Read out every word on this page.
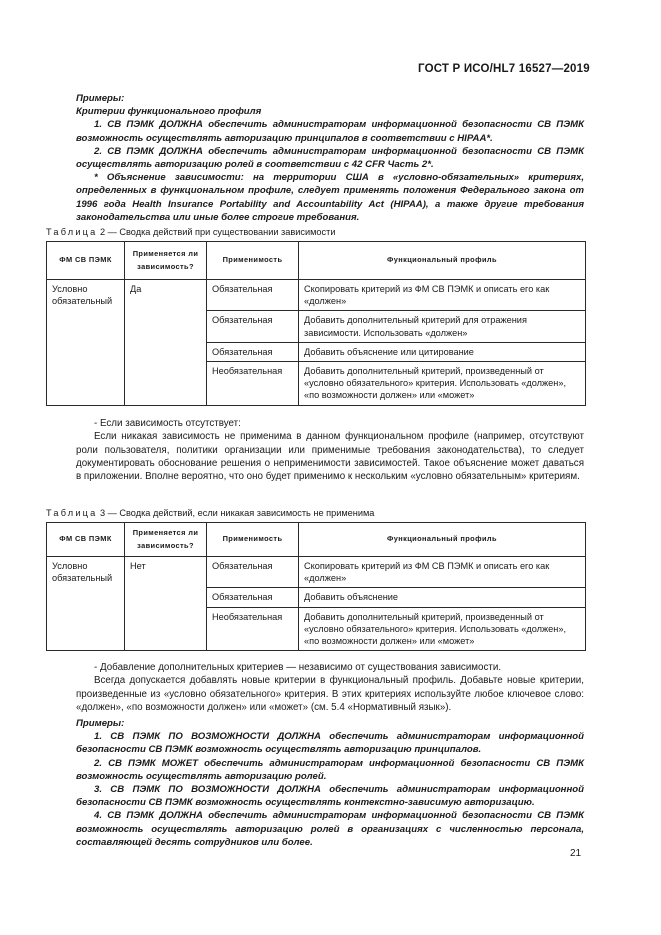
ГОСТ Р ИСО/HL7 16527—2019

Примеры:

Критерии функционального профиля

1. СВ ПЭМК ДОЛЖНА обеспечить администраторам информационной безопасности СВ ПЭМК возможность осуществлять авторизацию принципалов в соответствии с HIPAA*.

2. СВ ПЭМК ДОЛЖНА обеспечить администраторам информационной безопасности СВ ПЭМК осуществлять авторизацию ролей в соответствии с 42 CFR Часть 2*.

* Объяснение зависимости: на территории США в «условно-обязательных» критериях, определенных в функциональном профиле, следует применять положения Федерального закона от 1996 года Health Insurance Portability and Accountability Act (HIPAA), а также другие требования законодательства или иные более строгие требования.

Таблица 2 — Сводка действий при существовании зависимости
ФМ СВ ПЭМК	Применяется ли зависимость?	Применимость	Функциональный профиль
Условно обязательный	Да	Обязательная	Скопировать критерий из ФМ СВ ПЭМК и описать его как «должен»
		Обязательная	Добавить дополнительный критерий для отражения зависимости. Использовать «должен»
		Обязательная	Добавить объяснение или цитирование
		Необязательная	Добавить дополнительный критерий, произведенный от «условно обязательного» критерия. Использовать «должен», «по возможности должен» или «может»

- Если зависимость отсутствует:

Если никакая зависимость не применима в данном функциональном профиле (например, отсутствуют роли пользователя, политики организации или применимые требования законодательства), то следует документировать обоснование решения о неприменимости зависимостей. Такое объяснение может даваться в приложении. Вполне вероятно, что оно будет применимо к нескольким «условно обязательным» критериям.

Таблица 3 — Сводка действий, если никакая зависимость не применима
ФМ СВ ПЭМК	Применяется ли зависимость?	Применимость	Функциональный профиль
Условно обязательный	Нет	Обязательная	Скопировать критерий из ФМ СВ ПЭМК и описать его как «должен»
		Обязательная	Добавить объяснение
		Необязательная	Добавить дополнительный критерий, произведенный от «условно обязательного» критерия. Использовать «должен», «по возможности должен» или «может»

- Добавление дополнительных критериев — независимо от существования зависимости.

Всегда допускается добавлять новые критерии в функциональный профиль. Добавьте новые критерии, произведенные из «условно обязательного» критерия. В этих критериях используйте любое ключевое слово: «должен», «по возможности должен» или «может» (см. 5.4 «Нормативный язык»).

Примеры:

1. СВ ПЭМК ПО ВОЗМОЖНОСТИ ДОЛЖНА обеспечить администраторам информационной безопасности СВ ПЭМК возможность осуществлять авторизацию принципалов.

2. СВ ПЭМК МОЖЕТ обеспечить администраторам информационной безопасности СВ ПЭМК возможность осуществлять авторизацию ролей.

3. СВ ПЭМК ПО ВОЗМОЖНОСТИ ДОЛЖНА обеспечить администраторам информационной безопасности СВ ПЭМК возможность осуществлять контекстно-зависимую авторизацию.

4. СВ ПЭМК ДОЛЖНА обеспечить администраторам информационной безопасности СВ ПЭМК возможность осуществлять авторизацию ролей в организациях с численностью персонала, составляющей десять сотрудников или более.

21
